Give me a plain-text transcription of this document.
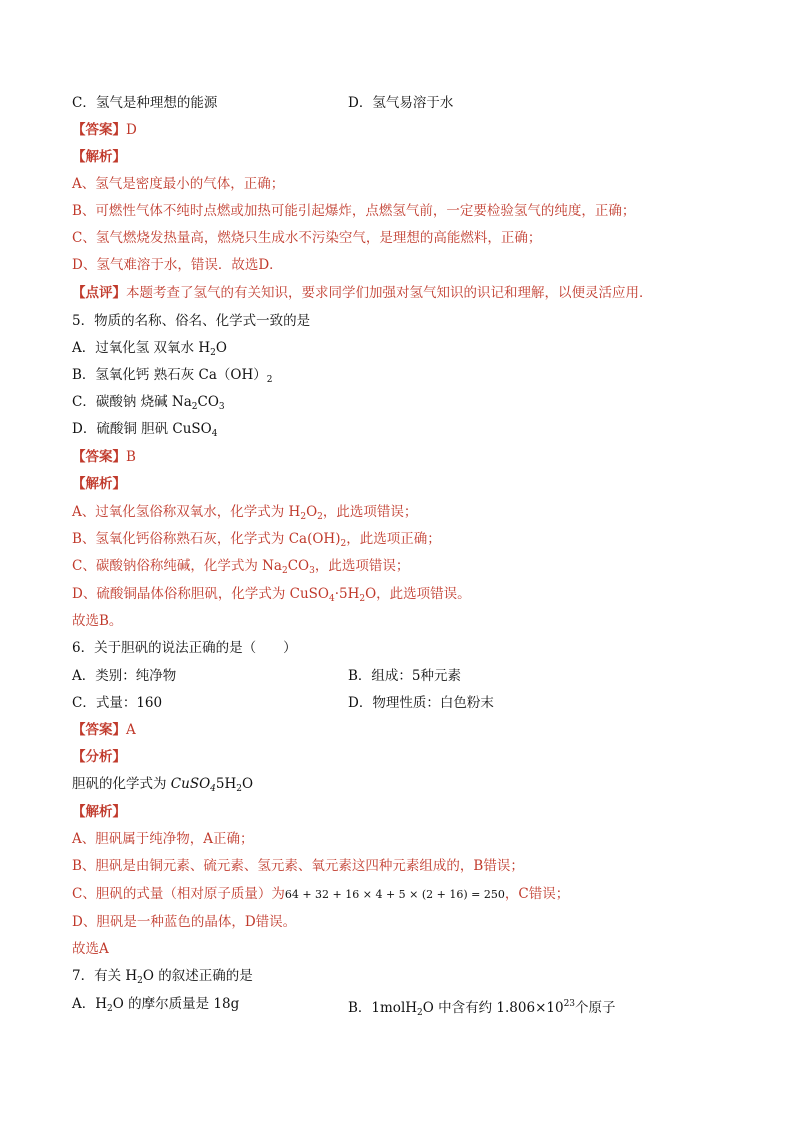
C．氢气是种理想的能源	D．氢气易溶于水
【答案】D
【解析】
A、氢气是密度最小的气体，正确；
B、可燃性气体不纯时点燃或加热可能引起爆炸，点燃氢气前，一定要检验氢气的纯度，正确；
C、氢气燃烧发热量高，燃烧只生成水不污染空气，是理想的高能燃料，正确；
D、氢气难溶于水，错误．故选D．
【点评】本题考查了氢气的有关知识，要求同学们加强对氢气知识的识记和理解，以便灵活应用．
5．物质的名称、俗名、化学式一致的是
A．过氧化氢 双氧水 $H_2O$
B．氢氧化钙 熟石灰 $Ca(OH)_2$
C．碳酸钠 烧碱 $Na_2CO_3$
D．硫酸铜 胆矾 CuSO$_4$
【答案】B
【解析】
A、过氧化氢俗称双氧水，化学式为 $H_2O_2$，此选项错误；
B、氢氧化钙俗称熟石灰，化学式为 $Ca(OH)_2$，此选项正确；
C、碳酸钠俗称纯碱，化学式为 $Na_2CO_3$，此选项错误；
D、硫酸铜晶体俗称胆矾，化学式为 $CuSO_4\cdot 5H_2O$，此选项错误。
故选B。
6．关于胆矾的说法正确的是（　　）
A．类别：纯净物	B．组成：5种元素
C．式量：160	D．物理性质：白色粉末
【答案】A
【分析】
胆矾的化学式为 $CuSO_45H_2O$
【解析】
A、胆矾属于纯净物，A正确；
B、胆矾是由铜元素、硫元素、氢元素、氧元素这四种元素组成的，B错误；
C、胆矾的式量（相对原子质量）为64 + 32 + 16 × 4 + 5 × (2 + 16) = 250，C错误；
D、胆矾是一种蓝色的晶体，D错误。
故选A
7．有关 $H_2O$ 的叙述正确的是
A．$H_2O$ 的摩尔质量是 18g	B．1molH$_2$O 中含有约 $1.806\times 10^{23}$个原子
